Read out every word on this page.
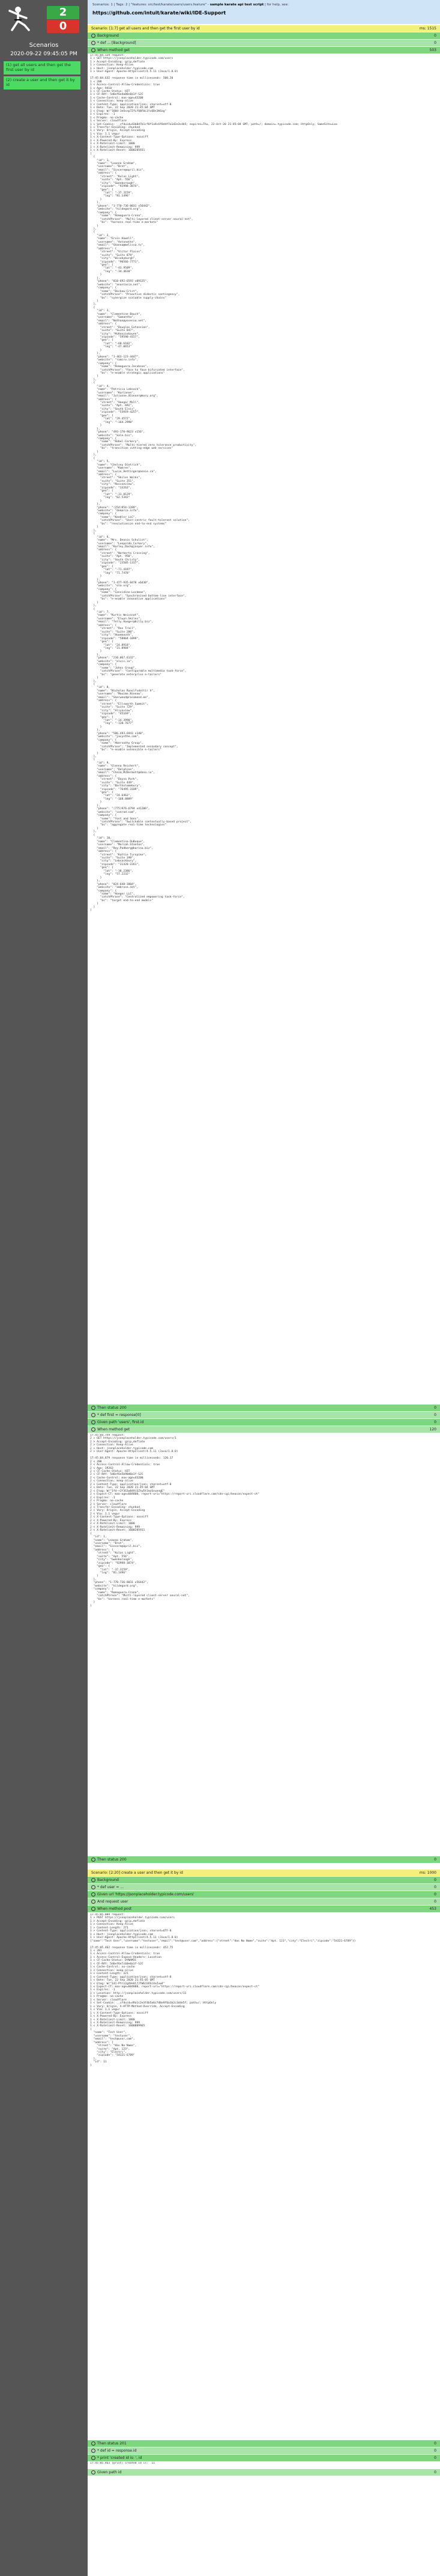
2
0
Scenarios
2020-09-22 09:45:05 PM
(1) get all users and then get the first user by id
(2) create a user and then get it by id
Scenarios: 1 | Tags: 2 | "features: src/test/karate/users/users.feature" - sample karate api test script | for help, see:
https://github.com/intuit/karate/wiki/IDE-Support
Scenario: [1:7] get all users and then get the first user by id	ms: 1515
Background	0
* def ... [Background]	0
When method get	503
17:45:04.129 request:
1 > GET https://jsonplaceholder.typicode.com/users
1 > Accept-Encoding: gzip,deflate
1 > Connection: Keep-Alive
1 > Host: jsonplaceholder.typicode.com
1 > User-Agent: Apache-HttpClient/4.5.11 (Java/1.8.0)

17:45:04.632 response time in milliseconds: 500.20
1 < 200
1 < Access-Control-Allow-Credentials: true
1 < Age: 9418
1 < CF-Cache-Status: HIT
1 < CF-RAY: 5d6ef6e4a80c0a1f-SJC
1 < Cache-Control: max-age=43200
1 < Connection: keep-alive
1 < Content-Type: application/json; charset=utf-8
1 < Date: Tue, 22 Sep 2020 21:45:04 GMT
1 < Etag: W/"160d-1eOsnp7ZfLfQ8FbL1YvQDn1K6ag"
1 < Expires: -1
1 < Pragma: no-cache
1 < Server: cloudflare
1 < Set-Cookie: __cfduid=d3b0d7b1cf0f1a9c6f8d4f7a1d2e3c4b5; expires=Thu, 22-Oct-20 21:45:04 GMT; path=/; domain=.typicode.com; HttpOnly; SameSite=Lax
1 < Transfer-Encoding: chunked
1 < Vary: Origin, Accept-Encoding
1 < Via: 1.1 vegur
1 < X-Content-Type-Options: nosniff
1 < X-Powered-By: Express
1 < X-Ratelimit-Limit: 1000
1 < X-Ratelimit-Remaining: 999
1 < X-Ratelimit-Reset: 1600285931
[
{
"id": 1,
"name": "Leanne Graham",
"username": "Bret",
"email": "Sincere@april.biz",
"address": {
"street": "Kulas Light",
"suite": "Apt. 556",
"city": "Gwenborough",
"zipcode": "92998-3874",
"geo": {
"lat": "-37.3159",
"lng": "81.1496"
}
},
"phone": "1-770-736-8031 x56442",
"website": "hildegard.org",
"company": {
"name": "Romaguera-Crona",
"catchPhrase": "Multi-layered client-server neural-net",
"bs": "harness real-time e-markets"
}
},
{
"id": 2,
"name": "Ervin Howell",
"username": "Antonette",
"email": "Shanna@melissa.tv",
"address": {
"street": "Victor Plains",
"suite": "Suite 879",
"city": "Wisokyburgh",
"zipcode": "90566-7771",
"geo": {
"lat": "-43.9509",
"lng": "-34.4618"
}
},
"phone": "010-692-6593 x09125",
"website": "anastasia.net",
"company": {
"name": "Deckow-Crist",
"catchPhrase": "Proactive didactic contingency",
"bs": "synergize scalable supply-chains"
}
},
{
"id": 3,
"name": "Clementine Bauch",
"username": "Samantha",
"email": "Nathan@yesenia.net",
"address": {
"street": "Douglas Extension",
"suite": "Suite 847",
"city": "McKenziehaven",
"zipcode": "59590-4157",
"geo": {
"lat": "-68.6102",
"lng": "-47.0653"
}
},
"phone": "1-463-123-4447",
"website": "ramiro.info",
"company": {
"name": "Romaguera-Jacobson",
"catchPhrase": "Face to face bifurcated interface",
"bs": "e-enable strategic applications"
}
},
{
"id": 4,
"name": "Patricia Lebsack",
"username": "Karianne",
"email": "Julianne.OConner@kory.org",
"address": {
"street": "Hoeger Mall",
"suite": "Apt. 692",
"city": "South Elvis",
"zipcode": "53919-4257",
"geo": {
"lat": "29.4572",
"lng": "-164.2990"
}
},
"phone": "493-170-9623 x156",
"website": "kale.biz",
"company": {
"name": "Robel-Corkery",
"catchPhrase": "Multi-tiered zero tolerance productivity",
"bs": "transition cutting-edge web services"
}
},
{
"id": 5,
"name": "Chelsey Dietrich",
"username": "Kamren",
"email": "Lucio_Hettinger@annie.ca",
"address": {
"street": "Skiles Walks",
"suite": "Suite 351",
"city": "Roscoeview",
"zipcode": "33263",
"geo": {
"lat": "-31.8129",
"lng": "62.5342"
}
},
"phone": "(254)954-1289",
"website": "demarco.info",
"company": {
"name": "Keebler LLC",
"catchPhrase": "User-centric fault-tolerant solution",
"bs": "revolutionize end-to-end systems"
}
},
{
"id": 6,
"name": "Mrs. Dennis Schulist",
"username": "Leopoldo_Corkery",
"email": "Karley_Dach@jasper.info",
"address": {
"street": "Norberto Crossing",
"suite": "Apt. 950",
"city": "South Christy",
"zipcode": "23505-1337",
"geo": {
"lat": "-71.4197",
"lng": "71.7478"
}
},
"phone": "1-477-935-8478 x6430",
"website": "ola.org",
"company": {
"name": "Considine-Lockman",
"catchPhrase": "Synchronised bottom-line interface",
"bs": "e-enable innovative applications"
}
},
{
"id": 7,
"name": "Kurtis Weissnat",
"username": "Elwyn.Skiles",
"email": "Telly.Hoeger@billy.biz",
"address": {
"street": "Rex Trail",
"suite": "Suite 280",
"city": "Howemouth",
"zipcode": "58804-1099",
"geo": {
"lat": "24.8918",
"lng": "21.8984"
}
},
"phone": "210.067.6132",
"website": "elvis.io",
"company": {
"name": "Johns Group",
"catchPhrase": "Configurable multimedia task-force",
"bs": "generate enterprise e-tailers"
}
},
{
"id": 8,
"name": "Nicholas Runolfsdottir V",
"username": "Maxime_Nienow",
"email": "Sherwood@rosamond.me",
"address": {
"street": "Ellsworth Summit",
"suite": "Suite 729",
"city": "Aliyaview",
"zipcode": "45169",
"geo": {
"lat": "-14.3990",
"lng": "-120.7677"
}
},
"phone": "586.493.6943 x140",
"website": "jacynthe.com",
"company": {
"name": "Abernathy Group",
"catchPhrase": "Implemented secondary concept",
"bs": "e-enable extensible e-tailers"
}
},
{
"id": 9,
"name": "Glenna Reichert",
"username": "Delphine",
"email": "Chaim_McDermott@dana.io",
"address": {
"street": "Dayna Park",
"suite": "Suite 449",
"city": "Bartholomebury",
"zipcode": "76495-3109",
"geo": {
"lat": "24.6463",
"lng": "-168.8889"
}
},
"phone": "(775)976-6794 x41206",
"website": "conrad.com",
"company": {
"name": "Yost and Sons",
"catchPhrase": "Switchable contextually-based project",
"bs": "aggregate real-time technologies"
}
},
{
"id": 10,
"name": "Clementina DuBuque",
"username": "Moriah.Stanton",
"email": "Rey.Padberg@karina.biz",
"address": {
"street": "Kattie Turnpike",
"suite": "Suite 198",
"city": "Lebsackbury",
"zipcode": "31428-2261",
"geo": {
"lat": "-38.2386",
"lng": "57.2232"
}
},
"phone": "024-648-3804",
"website": "ambrose.net",
"company": {
"name": "Hoeger LLC",
"catchPhrase": "Centralized empowering task-force",
"bs": "target end-to-end models"
}
}
]
Then status 200	0
* def first = response[0]	0
Given path 'users', first.id	0
When method get	120
17:45:04.759 request:
2 > GET https://jsonplaceholder.typicode.com/users/1
2 > Accept-Encoding: gzip,deflate
2 > Connection: Keep-Alive
2 > Host: jsonplaceholder.typicode.com
2 > User-Agent: Apache-HttpClient/4.5.11 (Java/1.8.0)

17:45:04.879 response time in milliseconds: 120.17
2 < 200
2 < Access-Control-Allow-Credentials: true
2 < Age: 19263
2 < CF-Cache-Status: HIT
2 < CF-RAY: 5d6ef6e5b90d0a1f-SJC
2 < Cache-Control: max-age=43200
2 < Connection: keep-alive
2 < Content-Type: application/json; charset=utf-8
2 < Date: Tue, 22 Sep 2020 21:45:04 GMT
2 < Etag: W/"1fd-+2Y3G3w049iSZtw5t1mzSnunngE"
2 < Expect-CT: max-age=604800, report-uri="https://report-uri.cloudflare.com/cdn-cgi/beacon/expect-ct"
2 < Expires: -1
2 < Pragma: no-cache
2 < Server: cloudflare
2 < Transfer-Encoding: chunked
2 < Vary: Origin, Accept-Encoding
2 < Via: 1.1 vegur
2 < X-Content-Type-Options: nosniff
2 < X-Powered-By: Express
2 < X-Ratelimit-Limit: 1000
2 < X-Ratelimit-Remaining: 999
2 < X-Ratelimit-Reset: 1600285931
{
"id": 1,
"name": "Leanne Graham",
"username": "Bret",
"email": "Sincere@april.biz",
"address": {
"street": "Kulas Light",
"suite": "Apt. 556",
"city": "Gwenborough",
"zipcode": "92998-3874",
"geo": {
"lat": "-37.3159",
"lng": "81.1496"
}
},
"phone": "1-770-736-8031 x56442",
"website": "hildegard.org",
"company": {
"name": "Romaguera-Crona",
"catchPhrase": "Multi-layered client-server neural-net",
"bs": "harness real-time e-markets"
}
}
Then status 200	0
Scenario: [2:20] create a user and then get it by id	ms: 1000
Background	0
* def user = ...	0
Given url 'https://jsonplaceholder.typicode.com/users'	0
And request user	0
When method post	453
17:45:05.009 request:
1 > POST https://jsonplaceholder.typicode.com/users
1 > Accept-Encoding: gzip,deflate
1 > Connection: Keep-Alive
1 > Content-Length: 271
1 > Content-Type: application/json; charset=UTF-8
1 > Host: jsonplaceholder.typicode.com
1 > User-Agent: Apache-HttpClient/4.5.11 (Java/1.8.0)
{"name":"Test User","username":"testuser","email":"test@user.com","address":{"street":"Has No Name","suite":"Apt. 123","city":"Electri","zipcode":"54321-6789"}}

17:45:05.462 response time in milliseconds: 452.75
1 < 201
1 < Access-Control-Allow-Credentials: true
1 < Access-Control-Expose-Headers: Location
1 < CF-Cache-Status: DYNAMIC
1 < CF-RAY: 5d6ef6e7cb0e0a1f-SJC
1 < Cache-Control: no-cache
1 < Connection: keep-alive
1 < Content-Length: 321
1 < Content-Type: application/json; charset=utf-8
1 < Date: Tue, 22 Sep 2020 21:45:05 GMT
1 < Etag: W/"141-PYrz2gUVeHl7JTWG33OSiVxZvw4"
1 < Expect-CT: max-age=604800, report-uri="https://report-uri.cloudflare.com/cdn-cgi/beacon/expect-ct"
1 < Expires: -1
1 < Location: http://jsonplaceholder.typicode.com/users/11
1 < Pragma: no-cache
1 < Server: cloudflare
1 < Set-Cookie: __cfduid=d9a1c2e3f4b5a6c7d8e9f0a1b2c3d4e5f; path=/; HttpOnly
1 < Vary: Origin, X-HTTP-Method-Override, Accept-Encoding
1 < Via: 1.1 vegur
1 < X-Content-Type-Options: nosniff
1 < X-Powered-By: Express
1 < X-Ratelimit-Limit: 1000
1 < X-Ratelimit-Remaining: 999
1 < X-Ratelimit-Reset: 1600809965
{
"name": "Test User",
"username": "testuser",
"email": "test@user.com",
"address": {
"street": "Has No Name",
"suite": "Apt. 123",
"city": "Electri",
"zipcode": "54321-6789"
},
"id": 11
}
Then status 201	0
* def id = response.id	0
* print 'created id is: ', id	0
17:45:05.463 [print] created id is:  11
Given path id	0
